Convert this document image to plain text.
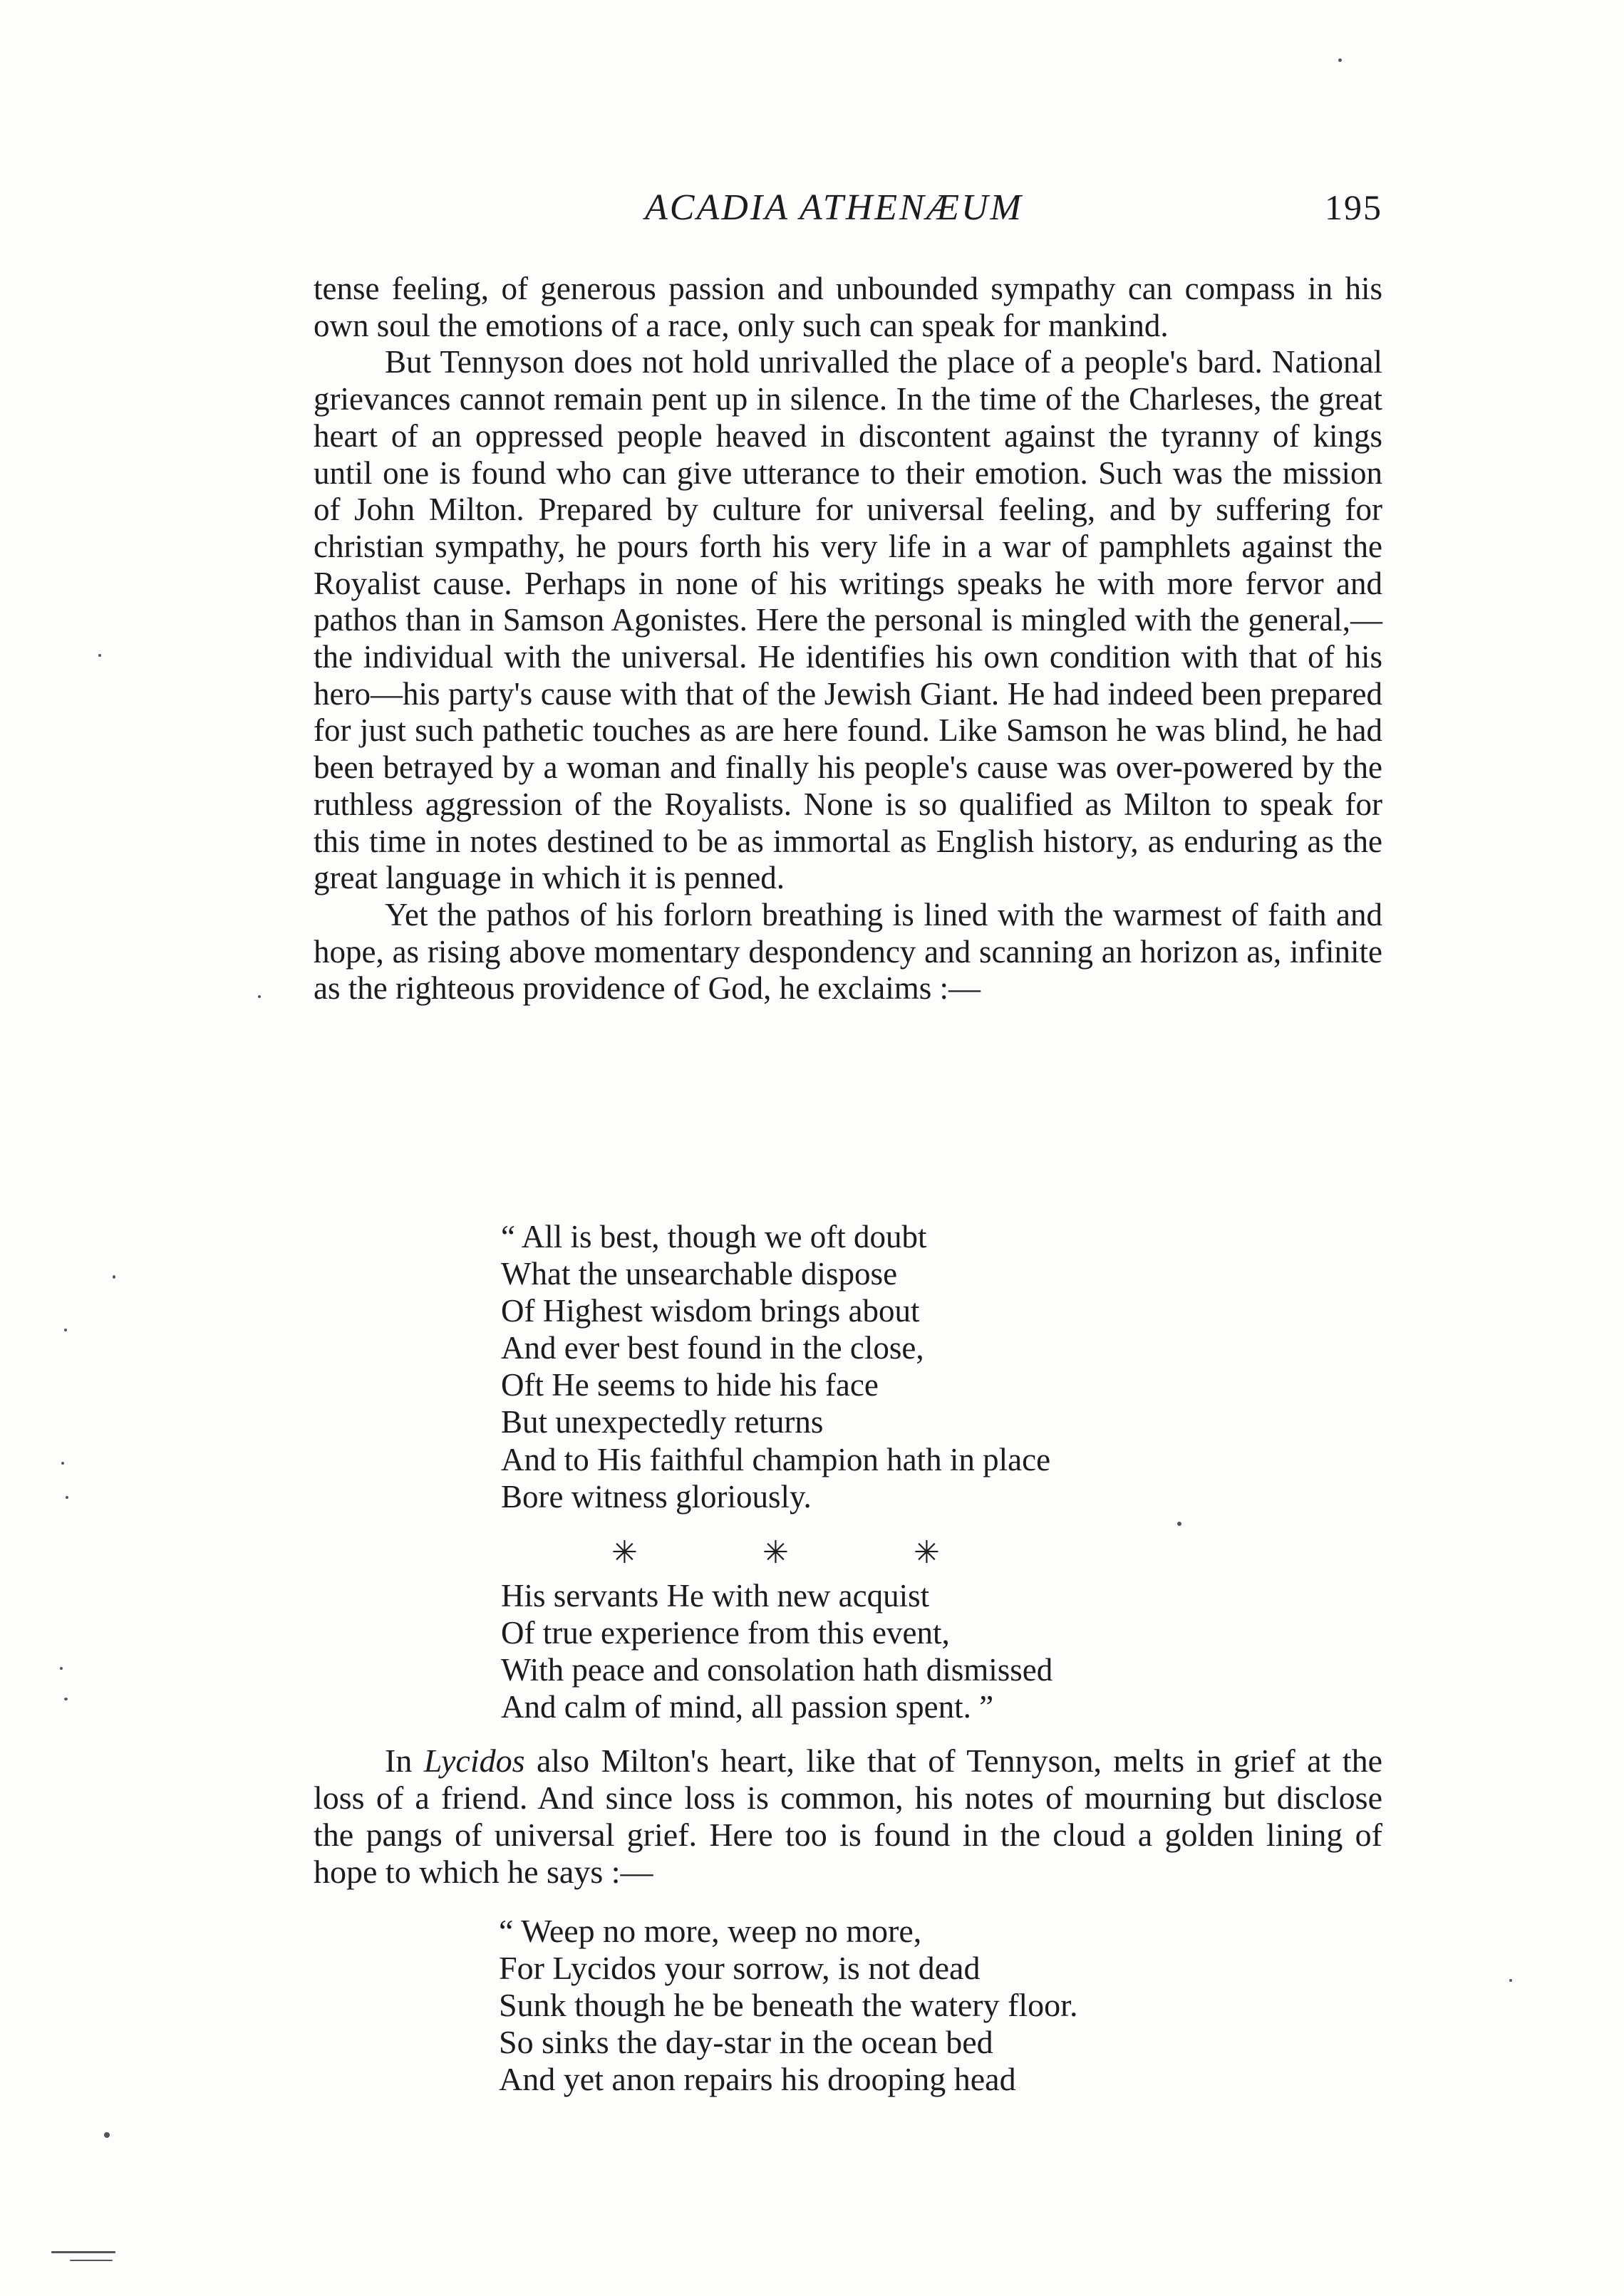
ACADIA ATHENÆUM	195

tense feeling, of generous passion and unbounded sympathy can compass in his own soul the emotions of a race, only such can speak for mankind.

But Tennyson does not hold unrivalled the place of a people's bard. National grievances cannot remain pent up in silence. In the time of the Charleses, the great heart of an oppressed people heaved in discontent against the tyranny of kings until one is found who can give utterance to their emotion. Such was the mission of John Milton. Prepared by culture for universal feeling, and by suffering for christian sympathy, he pours forth his very life in a war of pamphlets against the Royalist cause. Perhaps in none of his writings speaks he with more fervor and pathos than in Samson Agonistes. Here the personal is mingled with the general,—the individual with the universal. He identifies his own condition with that of his hero—his party's cause with that of the Jewish Giant. He had indeed been prepared for just such pathetic touches as are here found. Like Samson he was blind, he had been betrayed by a woman and finally his people's cause was over-powered by the ruthless aggression of the Royalists. None is so qualified as Milton to speak for this time in notes destined to be as immortal as English history, as enduring as the great language in which it is penned.

Yet the pathos of his forlorn breathing is lined with the warmest of faith and hope, as rising above momentary despondency and scanning an horizon as, infinite as the righteous providence of God, he exclaims :—

“ All is best, though we oft doubt
What the unsearchable dispose
Of Highest wisdom brings about
And ever best found in the close,
Oft He seems to hide his face
But unexpectedly returns
And to His faithful champion hath in place
Bore witness gloriously.
✳	✳	✳
His servants He with new acquist
Of true experience from this event,
With peace and consolation hath dismissed
And calm of mind, all passion spent. ”

In Lycidos also Milton's heart, like that of Tennyson, melts in grief at the loss of a friend. And since loss is common, his notes of mourning but disclose the pangs of universal grief. Here too is found in the cloud a golden lining of hope to which he says :—

“ Weep no more, weep no more,
For Lycidos your sorrow, is not dead
Sunk though he be beneath the watery floor.
So sinks the day-star in the ocean bed
And yet anon repairs his drooping head
